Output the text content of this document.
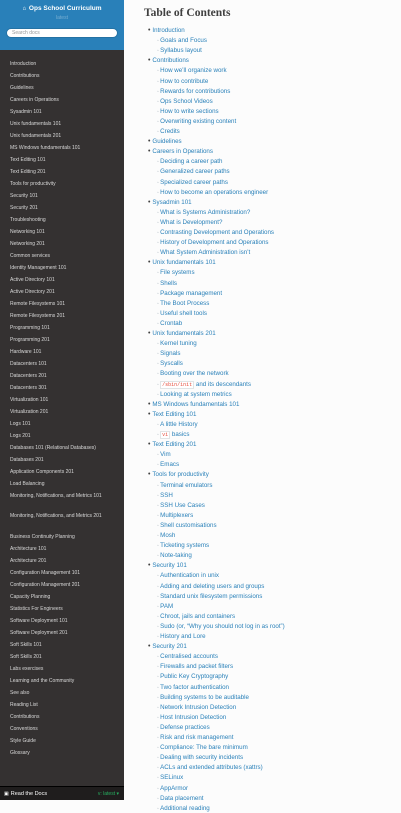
⌂ Ops School Curriculum
latest
Search docs
Introduction
Contributions
Guidelines
Careers in Operations
Sysadmin 101
Unix fundamentals 101
Unix fundamentals 201
MS Windows fundamentals 101
Text Editing 101
Text Editing 201
Tools for productivity
Security 101
Security 201
Troubleshooting
Networking 101
Networking 201
Common services
Identity Management 101
Active Directory 101
Active Directory 201
Remote Filesystems 101
Remote Filesystems 201
Programming 101
Programming 201
Hardware 101
Datacenters 101
Datacenters 201
Datacenters 301
Virtualization 101
Virtualization 201
Logs 101
Logs 201
Databases 101 (Relational Databases)
Databases 201
Application Components 201
Load Balancing
Monitoring, Notifications, and Metrics 101
Monitoring, Notifications, and Metrics 201
Business Continuity Planning
Architecture 101
Architecture 201
Configuration Management 101
Configuration Management 201
Capacity Planning
Statistics For Engineers
Software Deployment 101
Software Deployment 201
Soft Skills 101
Soft Skills 201
Labs exercises
Learning and the Community
See also
Reading List
Contributions
Conventions
Style Guide
Glossary
▣ Read the Docs	v: latest ▾
Table of Contents
• Introduction
◦ Goals and Focus
◦ Syllabus layout
• Contributions
◦ How we’ll organize work
◦ How to contribute
◦ Rewards for contributions
◦ Ops School Videos
◦ How to write sections
◦ Overwriting existing content
◦ Credits
• Guidelines
• Careers in Operations
◦ Deciding a career path
◦ Generalized career paths
◦ Specialized career paths
◦ How to become an operations engineer
• Sysadmin 101
◦ What is Systems Administration?
◦ What is Development?
◦ Contrasting Development and Operations
◦ History of Development and Operations
◦ What System Administration isn’t
• Unix fundamentals 101
◦ File systems
◦ Shells
◦ Package management
◦ The Boot Process
◦ Useful shell tools
◦ Crontab
• Unix fundamentals 201
◦ Kernel tuning
◦ Signals
◦ Syscalls
◦ Booting over the network
◦ /sbin/init and its descendants
◦ Looking at system metrics
• MS Windows fundamentals 101
• Text Editing 101
◦ A little History
◦ vi basics
• Text Editing 201
◦ Vim
◦ Emacs
• Tools for productivity
◦ Terminal emulators
◦ SSH
◦ SSH Use Cases
◦ Multiplexers
◦ Shell customisations
◦ Mosh
◦ Ticketing systems
◦ Note-taking
• Security 101
◦ Authentication in unix
◦ Adding and deleting users and groups
◦ Standard unix filesystem permissions
◦ PAM
◦ Chroot, jails and containers
◦ Sudo (or, “Why you should not log in as root”)
◦ History and Lore
• Security 201
◦ Centralised accounts
◦ Firewalls and packet filters
◦ Public Key Cryptography
◦ Two factor authentication
◦ Building systems to be auditable
◦ Network Intrusion Detection
◦ Host Intrusion Detection
◦ Defense practices
◦ Risk and risk management
◦ Compliance: The bare minimum
◦ Dealing with security incidents
◦ ACLs and extended attributes (xattrs)
◦ SELinux
◦ AppArmor
◦ Data placement
◦ Additional reading
